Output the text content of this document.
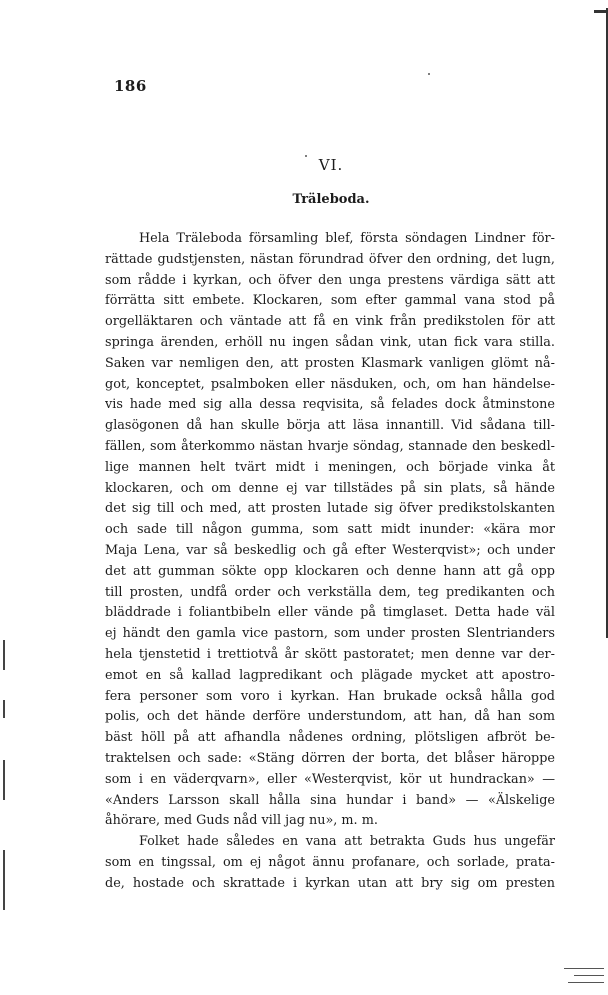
186
VI.
Träleboda.
Hela Träleboda församling blef, första söndagen Lindner för-
rättade gudstjensten, nästan förundrad öfver den ordning, det lugn,
som rådde i kyrkan, och öfver den unga prestens värdiga sätt att
förrätta sitt embete. Klockaren, som efter gammal vana stod på
orgelläktaren och väntade att få en vink från predikstolen för att
springa ärenden, erhöll nu ingen sådan vink, utan fick vara stilla.
Saken var nemligen den, att prosten Klasmark vanligen glömt nå-
got, konceptet, psalmboken eller näsduken, och, om han händelse-
vis hade med sig alla dessa reqvisita, så felades dock åtminstone
glasögonen då han skulle börja att läsa innantill. Vid sådana till-
fällen, som återkommo nästan hvarje söndag, stannade den beskedl-
lige mannen helt tvärt midt i meningen, och började vinka åt
klockaren, och om denne ej var tillstädes på sin plats, så hände
det sig till och med, att prosten lutade sig öfver predikstolskanten
och sade till någon gumma, som satt midt inunder: «kära mor
Maja Lena, var så beskedlig och gå efter Westerqvist»; och under
det att gumman sökte opp klockaren och denne hann att gå opp
till prosten, undfå order och verkställa dem, teg predikanten och
bläddrade i foliantbibeln eller vände på timglaset. Detta hade väl
ej händt den gamla vice pastorn, som under prosten Slentrianders
hela tjenstetid i trettiotvå år skött pastoratet; men denne var der-
emot en så kallad lagpredikant och plägade mycket att apostro-
fera personer som voro i kyrkan. Han brukade också hålla god
polis, och det hände derföre understundom, att han, då han som
bäst höll på att afhandla nådenes ordning, plötsligen afbröt be-
traktelsen och sade: «Stäng dörren der borta, det blåser häroppe
som i en väderqvarn», eller «Westerqvist, kör ut hundrackan» —
«Anders Larsson skall hålla sina hundar i band» — «Älskelige
åhörare, med Guds nåd vill jag nu», m. m.
Folket hade således en vana att betrakta Guds hus ungefär
som en tingssal, om ej något ännu profanare, och sorlade, prata-
de, hostade och skrattade i kyrkan utan att bry sig om presten
